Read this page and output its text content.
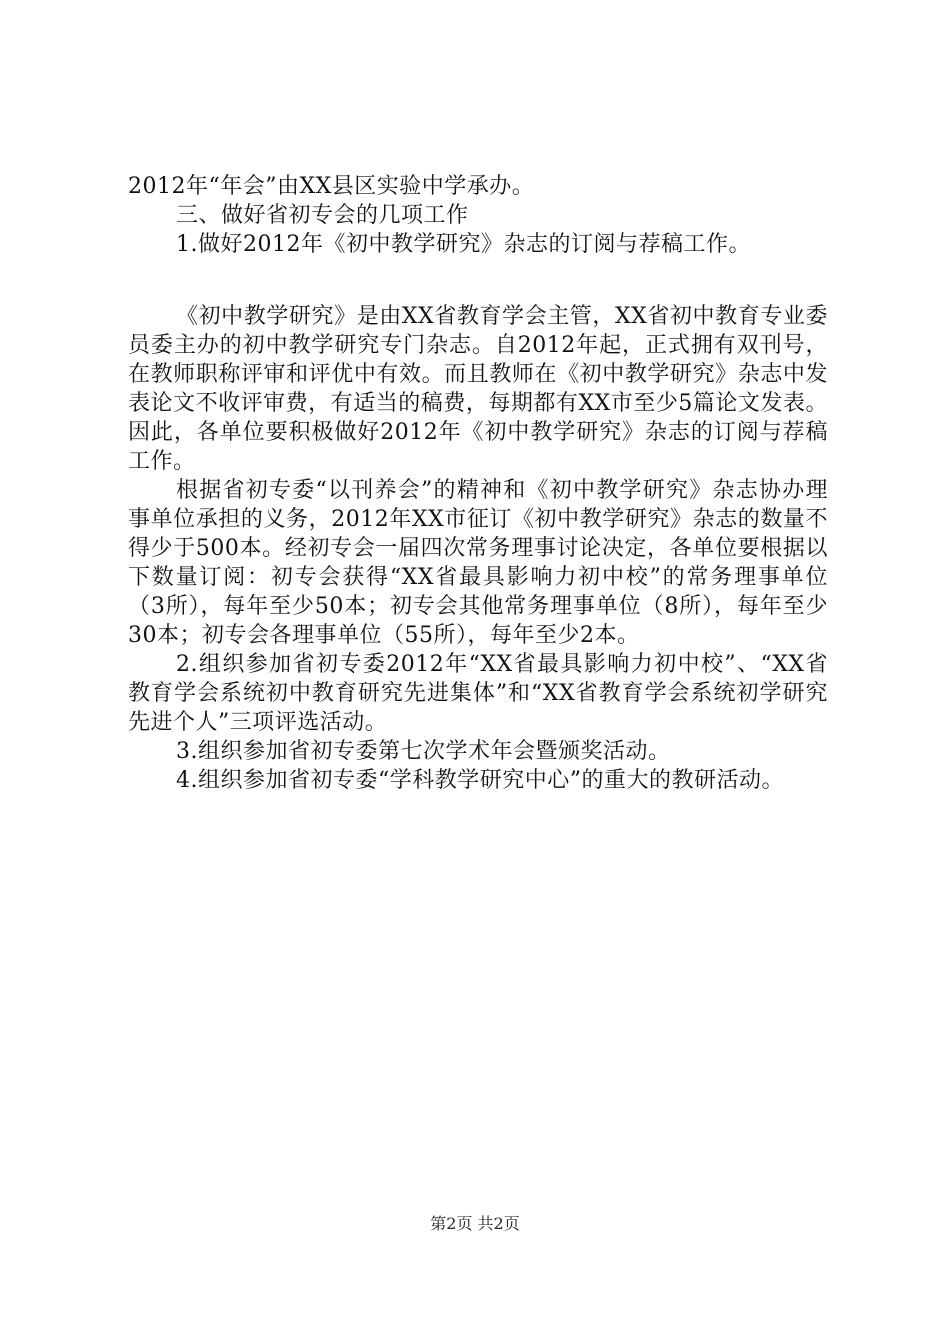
2012年“年会”由XX县区实验中学承办。

三、做好省初专会的几项工作

1.做好2012年《初中教学研究》杂志的订阅与荐稿工作。

《初中教学研究》是由XX省教育学会主管，XX省初中教育专业委员委主办的初中教学研究专门杂志。自2012年起，正式拥有双刊号，在教师职称评审和评优中有效。而且教师在《初中教学研究》杂志中发表论文不收评审费，有适当的稿费，每期都有XX市至少5篇论文发表。因此，各单位要积极做好2012年《初中教学研究》杂志的订阅与荐稿工作。

根据省初专委“以刊养会”的精神和《初中教学研究》杂志协办理事单位承担的义务，2012年XX市征订《初中教学研究》杂志的数量不得少于500本。经初专会一届四次常务理事讨论决定，各单位要根据以下数量订阅：初专会获得“XX省最具影响力初中校”的常务理事单位（3所），每年至少50本；初专会其他常务理事单位（8所），每年至少30本；初专会各理事单位（55所），每年至少2本。

2.组织参加省初专委2012年“XX省最具影响力初中校”、“XX省教育学会系统初中教育研究先进集体”和“XX省教育学会系统初学研究先进个人”三项评选活动。

3.组织参加省初专委第七次学术年会暨颁奖活动。

4.组织参加省初专委“学科教学研究中心”的重大的教研活动。

第2页 共2页
